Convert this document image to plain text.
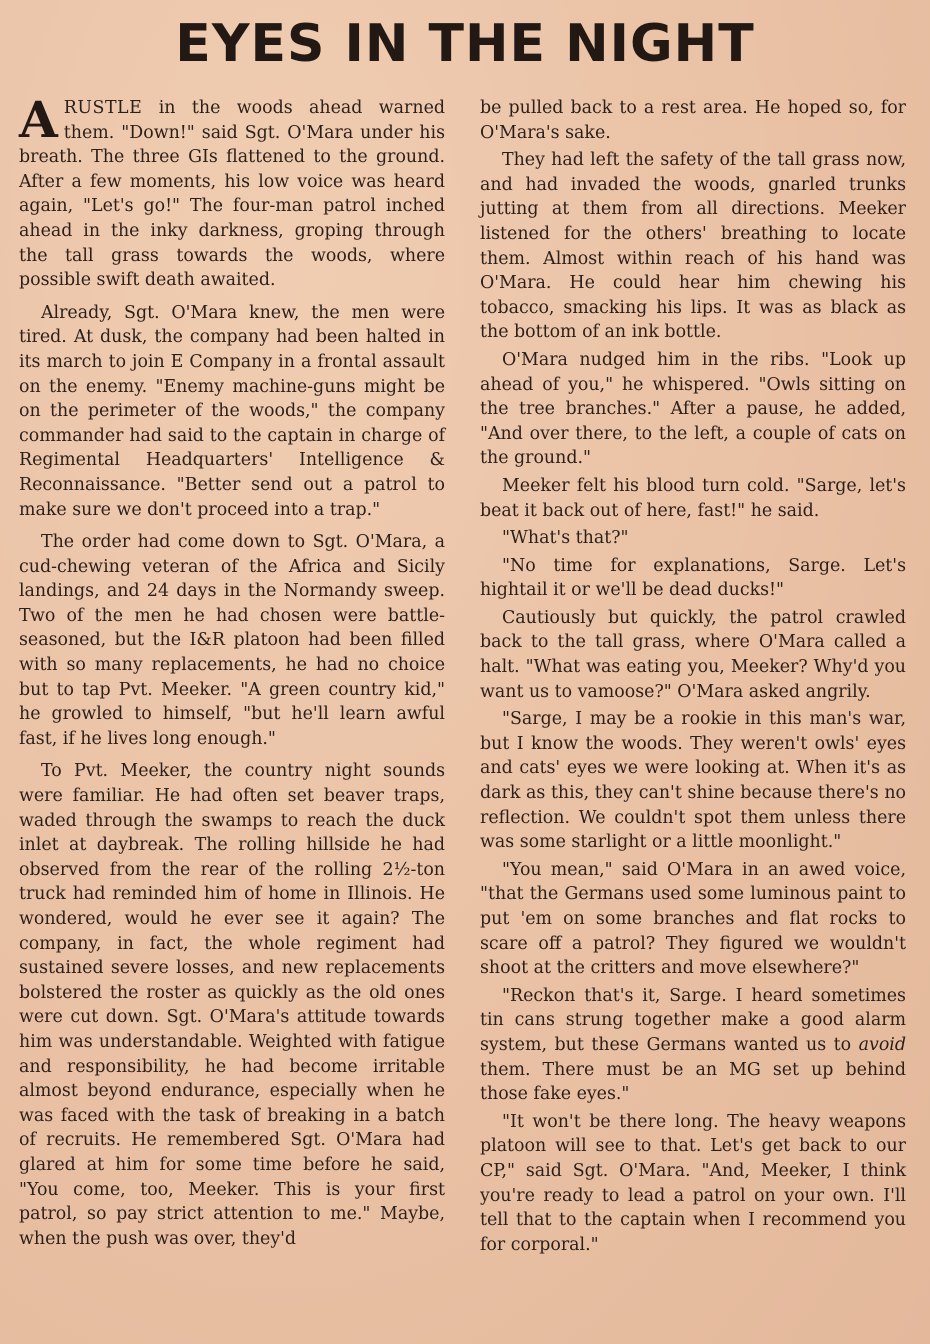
EYES IN THE NIGHT

ARUSTLE in the woods ahead warned them. "Down!" said Sgt. O'Mara under his breath. The three GIs flattened to the ground. After a few moments, his low voice was heard again, "Let's go!" The four-man patrol inched ahead in the inky darkness, groping through the tall grass towards the woods, where possible swift death awaited.

Already, Sgt. O'Mara knew, the men were tired. At dusk, the company had been halted in its march to join E Company in a frontal assault on the enemy. "Enemy machine-guns might be on the perimeter of the woods," the company commander had said to the captain in charge of Regimental Headquarters' Intelligence & Reconnaissance. "Better send out a patrol to make sure we don't proceed into a trap."

The order had come down to Sgt. O'Mara, a cud-chewing veteran of the Africa and Sicily landings, and 24 days in the Normandy sweep. Two of the men he had chosen were battle-seasoned, but the I&R platoon had been filled with so many replacements, he had no choice but to tap Pvt. Meeker. "A green country kid," he growled to himself, "but he'll learn awful fast, if he lives long enough."

To Pvt. Meeker, the country night sounds were familiar. He had often set beaver traps, waded through the swamps to reach the duck inlet at daybreak. The rolling hillside he had observed from the rear of the rolling 2½-ton truck had reminded him of home in Illinois. He wondered, would he ever see it again? The company, in fact, the whole regiment had sustained severe losses, and new replacements bolstered the roster as quickly as the old ones were cut down. Sgt. O'Mara's attitude towards him was understandable. Weighted with fatigue and responsibility, he had become irritable almost beyond endurance, especially when he was faced with the task of breaking in a batch of recruits. He remembered Sgt. O'Mara had glared at him for some time before he said, "You come, too, Meeker. This is your first patrol, so pay strict attention to me." Maybe, when the push was over, they'd

be pulled back to a rest area. He hoped so, for O'Mara's sake.

They had left the safety of the tall grass now, and had invaded the woods, gnarled trunks jutting at them from all directions. Meeker listened for the others' breathing to locate them. Almost within reach of his hand was O'Mara. He could hear him chewing his tobacco, smacking his lips. It was as black as the bottom of an ink bottle.

O'Mara nudged him in the ribs. "Look up ahead of you," he whispered. "Owls sitting on the tree branches." After a pause, he added, "And over there, to the left, a couple of cats on the ground."

Meeker felt his blood turn cold. "Sarge, let's beat it back out of here, fast!" he said.

"What's that?"

"No time for explanations, Sarge. Let's hightail it or we'll be dead ducks!"

Cautiously but quickly, the patrol crawled back to the tall grass, where O'Mara called a halt. "What was eating you, Meeker? Why'd you want us to vamoose?" O'Mara asked angrily.

"Sarge, I may be a rookie in this man's war, but I know the woods. They weren't owls' eyes and cats' eyes we were looking at. When it's as dark as this, they can't shine because there's no reflection. We couldn't spot them unless there was some starlight or a little moonlight."

"You mean," said O'Mara in an awed voice, "that the Germans used some luminous paint to put 'em on some branches and flat rocks to scare off a patrol? They figured we wouldn't shoot at the critters and move elsewhere?"

"Reckon that's it, Sarge. I heard sometimes tin cans strung together make a good alarm system, but these Germans wanted us to avoid them. There must be an MG set up behind those fake eyes."

"It won't be there long. The heavy weapons platoon will see to that. Let's get back to our CP," said Sgt. O'Mara. "And, Meeker, I think you're ready to lead a patrol on your own. I'll tell that to the captain when I recommend you for corporal."
